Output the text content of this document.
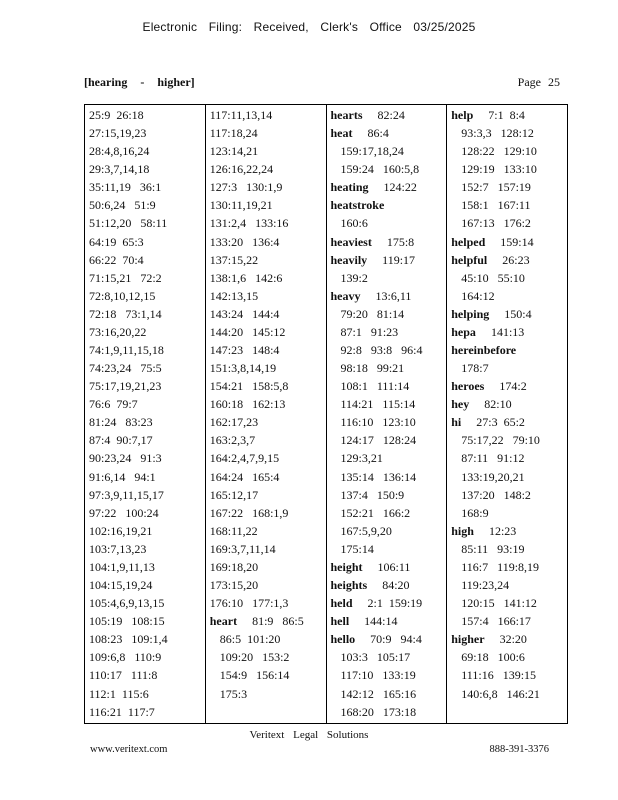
Electronic Filing: Received, Clerk's Office 03/25/2025
[hearing - higher]	Page 25
25:9  26:18
27:15,19,23
28:4,8,16,24
29:3,7,14,18
35:11,19   36:1
50:6,24   51:9
51:12,20   58:11
64:19  65:3
66:22  70:4
71:15,21   72:2
72:8,10,12,15
72:18   73:1,14
73:16,20,22
74:1,9,11,15,18
74:23,24   75:5
75:17,19,21,23
76:6  79:7
81:24   83:23
87:4  90:7,17
90:23,24   91:3
91:6,14   94:1
97:3,9,11,15,17
97:22   100:24
102:16,19,21
103:7,13,23
104:1,9,11,13
104:15,19,24
105:4,6,9,13,15
105:19   108:15
108:23   109:1,4
109:6,8   110:9
110:17   111:8
112:1  115:6
116:21  117:7
117:11,13,14
117:18,24
123:14,21
126:16,22,24
127:3   130:1,9
130:11,19,21
131:2,4   133:16
133:20   136:4
137:15,22
138:1,6   142:6
142:13,15
143:24   144:4
144:20   145:12
147:23   148:4
151:3,8,14,19
154:21   158:5,8
160:18   162:13
162:17,23
163:2,3,7
164:2,4,7,9,15
164:24   165:4
165:12,17
167:22   168:1,9
168:11,22
169:3,7,11,14
169:18,20
173:15,20
176:10   177:1,3
heart     81:9   86:5
86:5  101:20
109:20   153:2
154:9   156:14
175:3
hearts     82:24
heat     86:4
159:17,18,24
159:24   160:5,8
heating     124:22
heatstroke
160:6
heaviest     175:8
heavily     119:17
139:2
heavy     13:6,11
79:20   81:14
87:1   91:23
92:8   93:8   96:4
98:18   99:21
108:1   111:14
114:21   115:14
116:10   123:10
124:17   128:24
129:3,21
135:14   136:14
137:4   150:9
152:21   166:2
167:5,9,20
175:14
height     106:11
heights     84:20
held     2:1  159:19
hell     144:14
hello     70:9   94:4
103:3   105:17
117:10   133:19
142:12   165:16
168:20   173:18
help     7:1  8:4
93:3,3   128:12
128:22   129:10
129:19   133:10
152:7   157:19
158:1   167:11
167:13   176:2
helped     159:14
helpful     26:23
45:10   55:10
164:12
helping     150:4
hepa     141:13
hereinbefore
178:7
heroes     174:2
hey     82:10
hi     27:3  65:2
75:17,22   79:10
87:11   91:12
133:19,20,21
137:20   148:2
168:9
high     12:23
85:11   93:19
116:7   119:8,19
119:23,24
120:15   141:12
157:4   166:17
higher     32:20
69:18   100:6
111:16   139:15
140:6,8   146:21
Veritext Legal Solutions
www.veritext.com	888-391-3376
